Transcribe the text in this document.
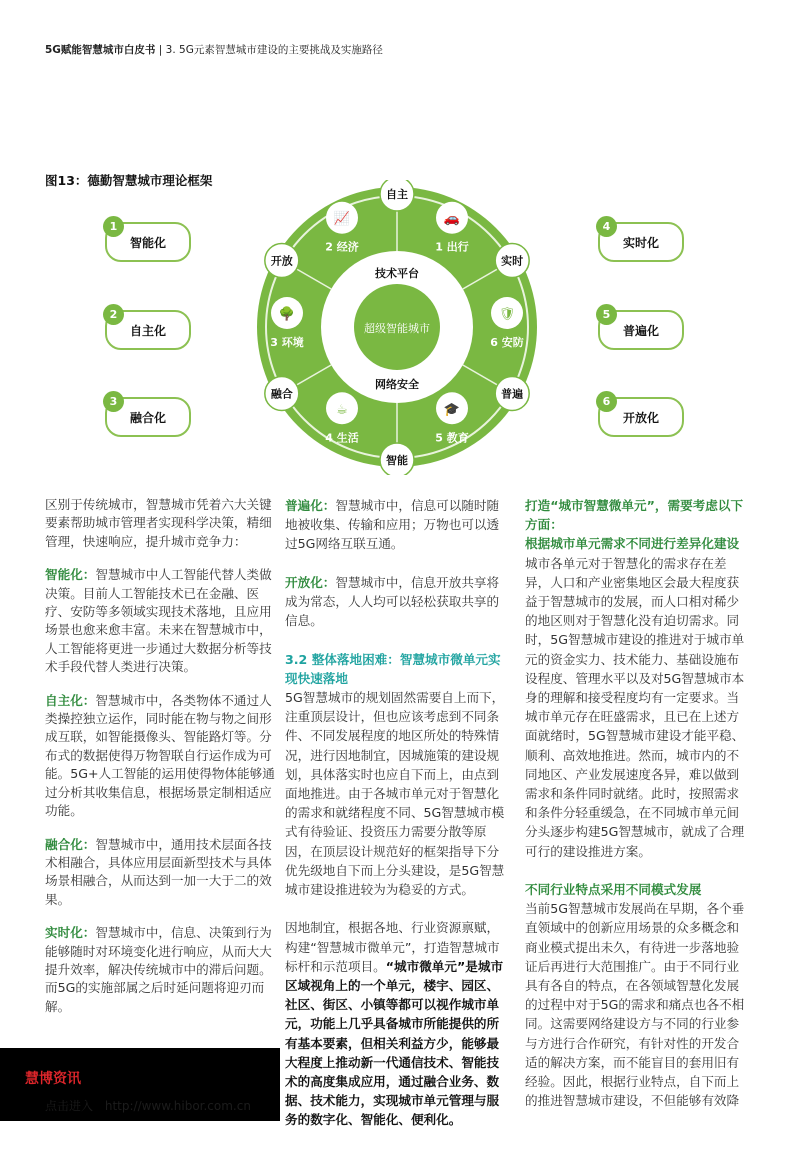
5G赋能智慧城市白皮书 | 3. 5G元素智慧城市建设的主要挑战及实施路径
图13：德勤智慧城市理论框架
1
智能化
2
自主化
3
融合化
4
实时化
5
普遍化
6
开放化
超级智能城市
技术平台
网络安全
🚗
1 出行
📈
2 经济
🌳
3 环境
☕
4 生活
🎓
5 教育
🛡
6 安防
自主
实时
普遍
智能
融合
开放

区别于传统城市，智慧城市凭着六大关键要素帮助城市管理者实现科学决策，精细管理，快速响应，提升城市竞争力：

智能化：智慧城市中人工智能代替人类做决策。目前人工智能技术已在金融、医疗、安防等多领域实现技术落地，且应用场景也愈来愈丰富。未来在智慧城市中，人工智能将更进一步通过大数据分析等技术手段代替人类进行决策。

自主化：智慧城市中，各类物体不通过人类操控独立运作，同时能在物与物之间形成互联，如智能摄像头、智能路灯等。分布式的数据使得万物智联自行运作成为可能。5G+人工智能的运用使得物体能够通过分析其收集信息，根据场景定制相适应功能。

融合化：智慧城市中，通用技术层面各技术相融合，具体应用层面新型技术与具体场景相融合，从而达到一加一大于二的效果。

实时化：智慧城市中，信息、决策到行为能够随时对环境变化进行响应，从而大大提升效率，解决传统城市中的滞后问题。而5G的实施部属之后时延问题将迎刃而解。

普遍化：智慧城市中，信息可以随时随地被收集、传输和应用；万物也可以透过5G网络互联互通。

开放化：智慧城市中，信息开放共享将成为常态，人人均可以轻松获取共享的信息。

3.2 整体落地困难：智慧城市微单元实现快速落地

5G智慧城市的规划固然需要自上而下，注重顶层设计，但也应该考虑到不同条件、不同发展程度的地区所处的特殊情况，进行因地制宜，因城施策的建设规划，具体落实时也应自下而上，由点到面地推进。由于各城市单元对于智慧化的需求和就绪程度不同、5G智慧城市模式有待验证、投资压力需要分散等原因，在顶层设计规范好的框架指导下分优先级地自下而上分头建设，是5G智慧城市建设推进较为为稳妥的方式。

因地制宜，根据各地、行业资源禀赋，构建“智慧城市微单元”，打造智慧城市标杆和示范项目。“城市微单元”是城市区域视角上的一个单元，楼宇、园区、社区、街区、小镇等都可以视作城市单元，功能上几乎具备城市所能提供的所有基本要素，但相关利益方少，能够最大程度上推动新一代通信技术、智能技术的高度集成应用，通过融合业务、数据、技术能力，实现城市单元管理与服务的数字化、智能化、便利化。

打造“城市智慧微单元”，需要考虑以下方面：

根据城市单元需求不同进行差异化建设

城市各单元对于智慧化的需求存在差异，人口和产业密集地区会最大程度获益于智慧城市的发展，而人口相对稀少的地区则对于智慧化没有迫切需求。同时，5G智慧城市建设的推进对于城市单元的资金实力、技术能力、基础设施布设程度、管理水平以及对5G智慧城市本身的理解和接受程度均有一定要求。当城市单元存在旺盛需求，且已在上述方面就绪时，5G智慧城市建设才能平稳、顺利、高效地推进。然而，城市内的不同地区、产业发展速度各异，难以做到需求和条件同时就绪。此时，按照需求和条件分轻重缓急，在不同城市单元间分头逐步构建5G智慧城市，就成了合理可行的建设推进方案。

不同行业特点采用不同模式发展

当前5G智慧城市发展尚在早期，各个垂直领域中的创新应用场景的众多概念和商业模式提出未久，有待进一步落地验证后再进行大范围推广。由于不同行业具有各自的特点，在各领域智慧化发展的过程中对于5G的需求和痛点也各不相同。这需要网络建设方与不同的行业参与方进行合作研究，有针对性的开发合适的解决方案，而不能盲目的套用旧有经验。因此，根据行业特点，自下而上的推进智慧城市建设，不但能够有效降

慧博资讯
点击进入 http://www.hibor.com.cn
